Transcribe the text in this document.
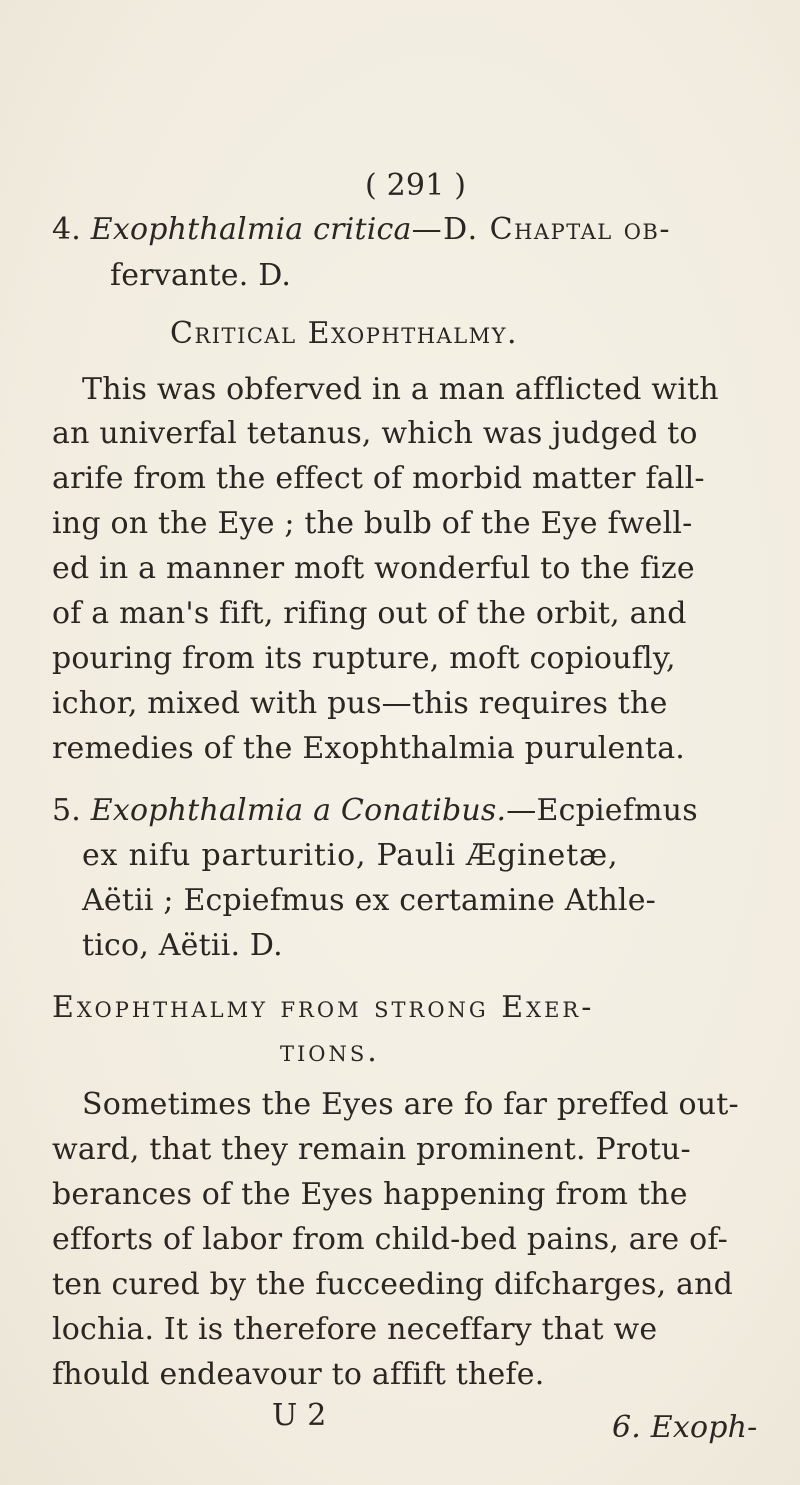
( 291 )
4. Exophthalmia critica—D. Chaptal ob-
fervante. D.
Critical Exophthalmy.
This was obferved in a man afflicted with
an univerfal tetanus, which was judged to
arife from the effect of morbid matter fall-
ing on the Eye ; the bulb of the Eye fwell-
ed in a manner moft wonderful to the fize
of a man's fift, rifing out of the orbit, and
pouring from its rupture, moft copioufly,
ichor, mixed with pus—this requires the
remedies of the Exophthalmia purulenta.
5. Exophthalmia a Conatibus.—Ecpiefmus
ex nifu parturitio, Pauli Æginetæ,
Aëtii ; Ecpiefmus ex certamine Athle-
tico, Aëtii. D.
Exophthalmy from strong Exer-
tions.
Sometimes the Eyes are fo far preffed out-
ward, that they remain prominent. Protu-
berances of the Eyes happening from the
efforts of labor from child-bed pains, are of-
ten cured by the fucceeding difcharges, and
lochia. It is therefore neceffary that we
fhould endeavour to affift thefe.
U 2	6. Exoph-
